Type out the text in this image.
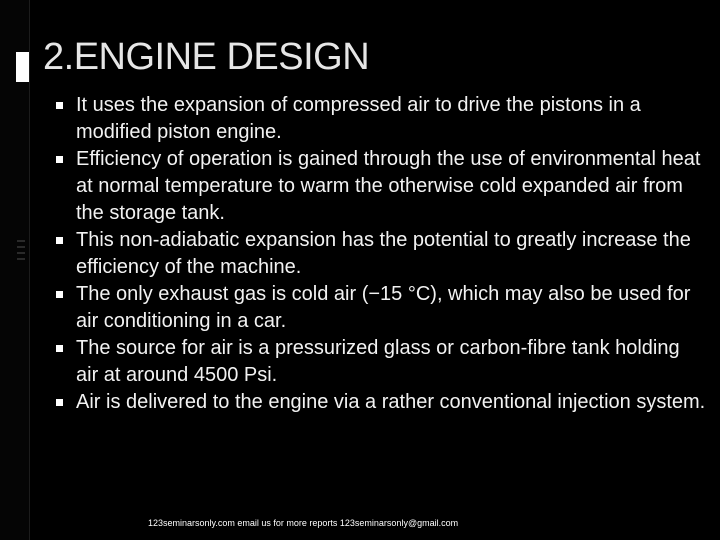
2.ENGINE DESIGN
It uses the expansion of compressed air to drive the pistons in a modified piston engine.
Efficiency of operation is gained through the use of environmental heat at normal temperature to warm the otherwise cold expanded air from the storage tank.
This non-adiabatic expansion has the potential to greatly increase the efficiency of the machine.
The only exhaust gas is cold air (−15 °C), which may also be used for air conditioning in a car.
The source for air is a pressurized glass or carbon-fibre tank holding air at around 4500 Psi.
Air is delivered to the engine via a rather conventional injection system.
123seminarsonly.com email us for more reports 123seminarsonly@gmail.com
